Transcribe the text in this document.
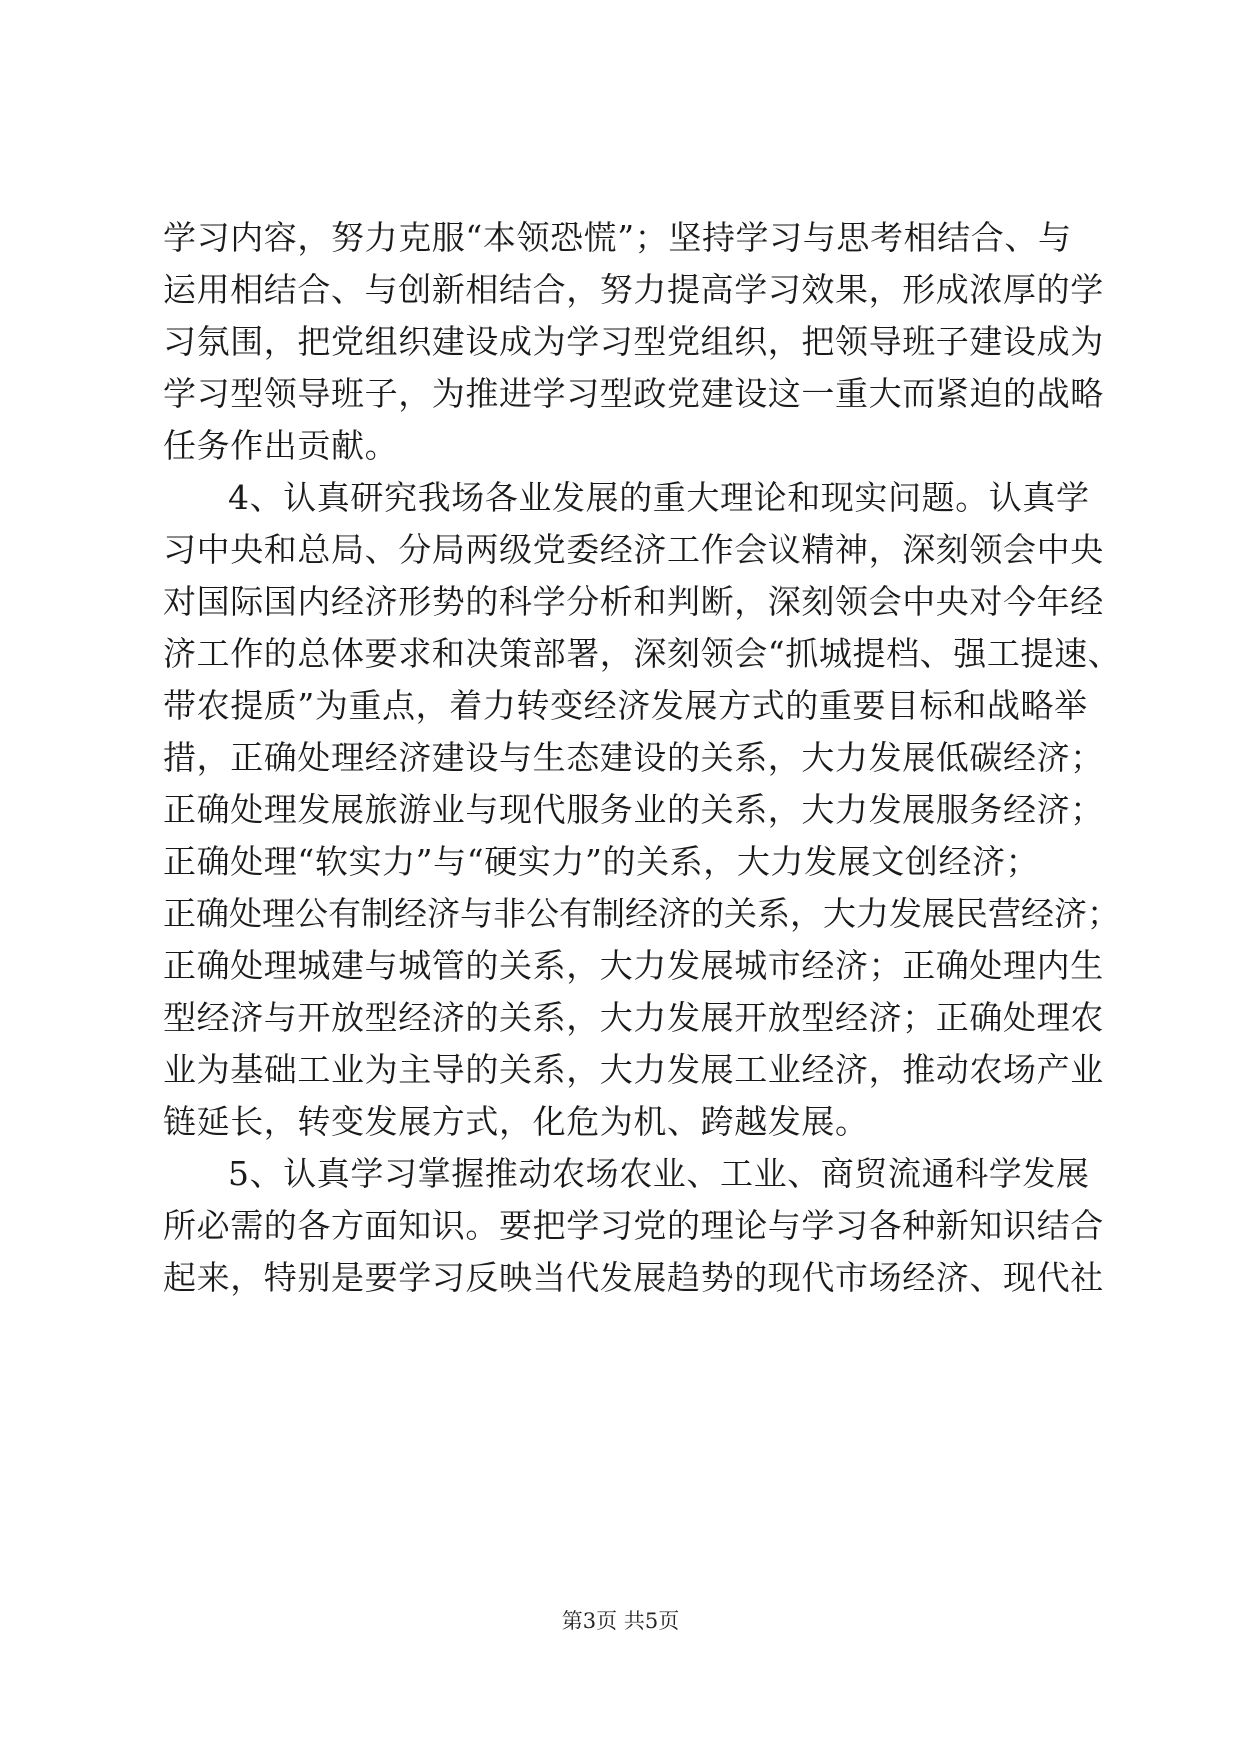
学习内容，努力克服“本领恐慌”；坚持学习与思考相结合、与
运用相结合、与创新相结合，努力提高学习效果，形成浓厚的学
习氛围，把党组织建设成为学习型党组织，把领导班子建设成为
学习型领导班子，为推进学习型政党建设这一重大而紧迫的战略
任务作出贡献。
4、认真研究我场各业发展的重大理论和现实问题。认真学
习中央和总局、分局两级党委经济工作会议精神，深刻领会中央
对国际国内经济形势的科学分析和判断，深刻领会中央对今年经
济工作的总体要求和决策部署，深刻领会“抓城提档、强工提速、
带农提质”为重点，着力转变经济发展方式的重要目标和战略举
措，正确处理经济建设与生态建设的关系，大力发展低碳经济；
正确处理发展旅游业与现代服务业的关系，大力发展服务经济；
正确处理“软实力”与“硬实力”的关系，大力发展文创经济；
正确处理公有制经济与非公有制经济的关系，大力发展民营经济；
正确处理城建与城管的关系，大力发展城市经济；正确处理内生
型经济与开放型经济的关系，大力发展开放型经济；正确处理农
业为基础工业为主导的关系，大力发展工业经济，推动农场产业
链延长，转变发展方式，化危为机、跨越发展。
5、认真学习掌握推动农场农业、工业、商贸流通科学发展
所必需的各方面知识。要把学习党的理论与学习各种新知识结合
起来，特别是要学习反映当代发展趋势的现代市场经济、现代社
第3页 共5页
